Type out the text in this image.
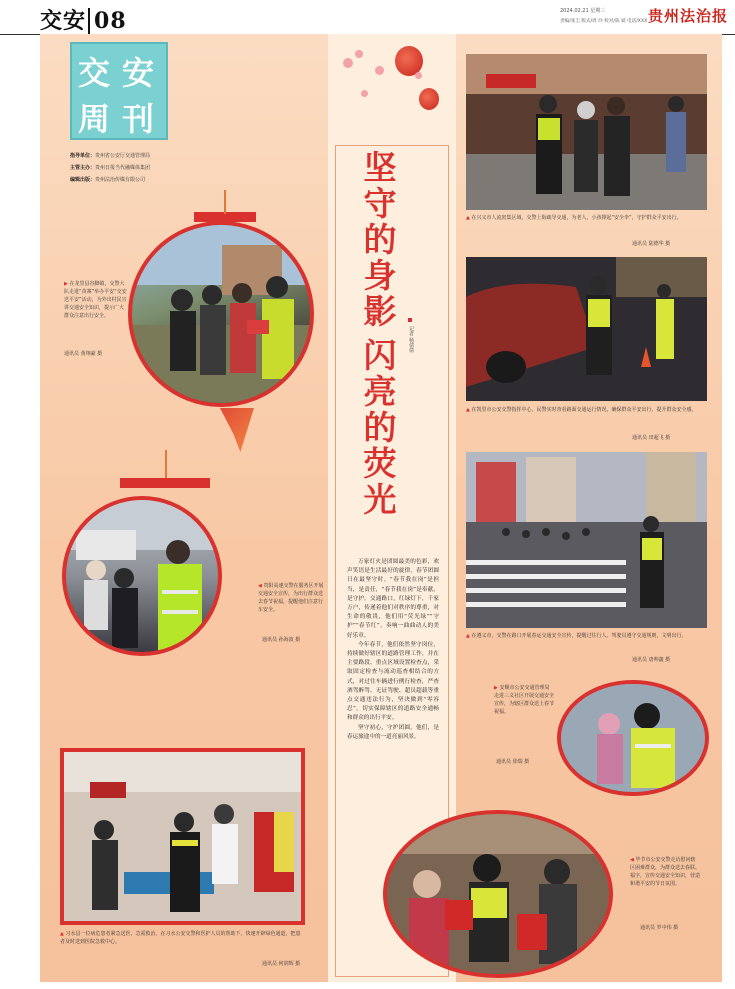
交安 08	2024.02.21 星期三
责编/张尘 版式/周 玲 校对/陈 斌 电话/XXX 贵州法治报
交 安
周 刊
指导单位：贵州省公安厅交通管理局
主管主办：贵州日报当代融媒体集团
编辑出版：贵州法治传媒有限公司
▶ 在龙里县谷脚镇，交警大队走进“苗寨”举办平安“交安送平安”活动，为外出村民宣讲交通安全知识，提示广大群众注意出行安全。
通讯员 黄翔豪 摄
◀ 贵阳高速交警在服务区开展交通安全宣传，为出行群众送去春节祝福，提醒他们注意行车安全。
通讯员 孙海波 摄
▲ 习水县一位病危患者紧急送医，急需救治。在习水公安交警和医护人员的帮助下，快速开辟绿色通道，把患者及时送到医院急救中心。
通讯员 何润辉 摄
坚
守
的
身
影
闪
亮
的
荧
光
记者 杨倩倩

万家灯火是团圆最美的色彩，欢声笑语是生活最好的旋律，春节团圆日在最坚守时。“春节我在岗”是担当，是责任，“春节我在岗”是奉献，是守护。交通路口，红绿灯下，千家万户，传递着他们对秩序的尊重，对生命的敬畏，他们用“荧光绿”“守护”“春节红”，奏响一曲曲动人的美好乐章。

今年春节，他们依然坚守岗位，持续做好辖区的道路管理工作，并在主要路段、重点区域设置检查点，采取固定检查与流动巡查相结合的方式，对过往车辆进行例行检查，严查酒驾醉驾、无证驾驶、超员超载等重点交通违法行为，坚决做到“零容忍”，切实保障辖区的道路安全通畅和群众的出行平安。

坚守初心，守护团圆。他们，是春运旅途中的一道亮丽风景。

▲ 在兴义市人流密集区域，交警上街疏导交通，为老人、小孩撑起“安全伞”，守护群众平安出行。
通讯员 陆德华 摄
▲ 在凯里市公安交警指挥中心，民警实时查看路面交通运行情况，确保群众平安出行，提升群众安全感。
通讯员 田超飞 摄
▲ 在遵义市，交警在路口开展春运交通安全宣传，提醒过往行人、驾驶员遵守交通规则，文明出行。
通讯员 唐帅鑫 摄
▶ 安顺市公安交通管理局走进三义社区开展交通安全宣传，为辖区群众送上春节祝福。
通讯员 徐瑞 摄
◀ 毕节市公安交警走访慰问辖区困难群众，为群众送去春联、福字，宣传交通安全知识，营造和谐平安的节日氛围。
通讯员 罗中伟 摄
